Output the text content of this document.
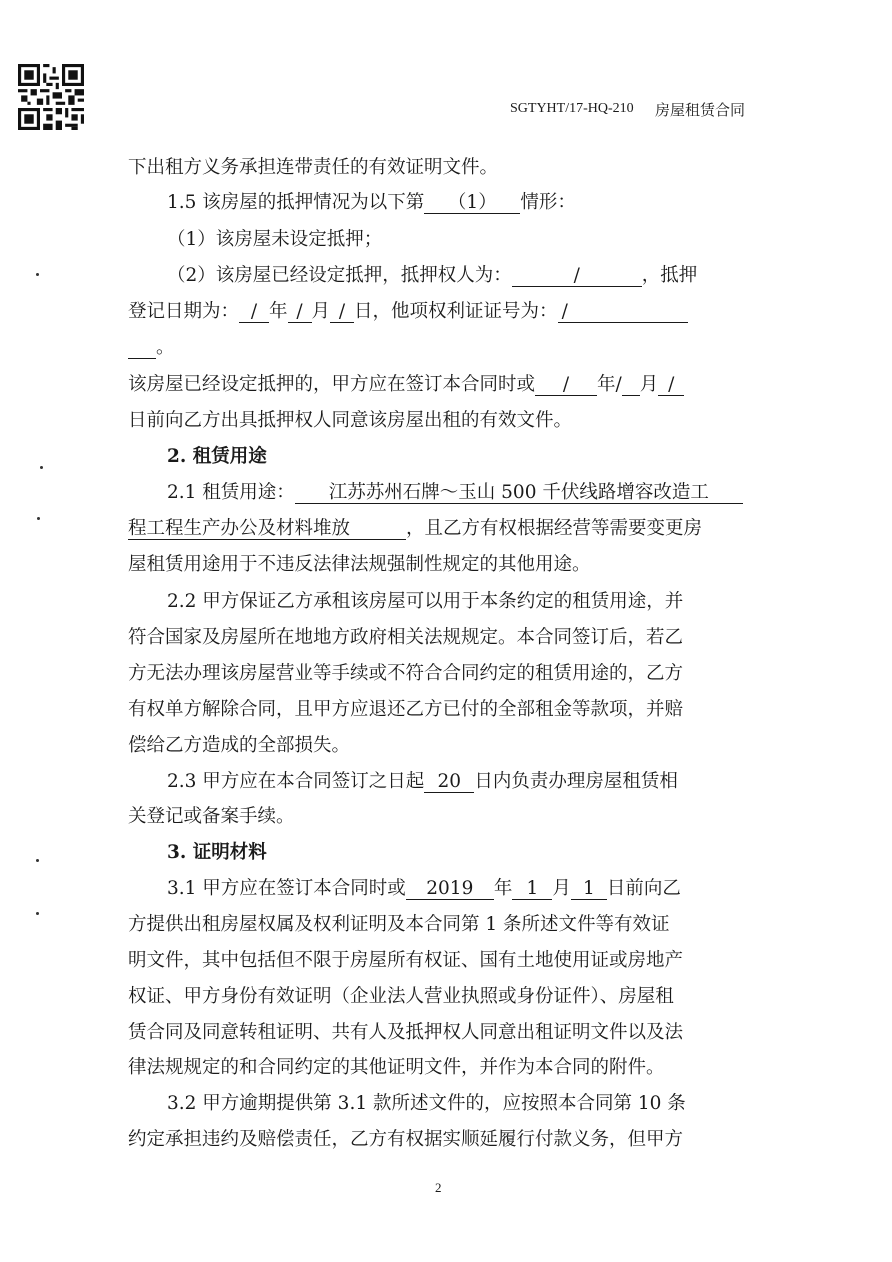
SGTYHT/17-HQ-210 房屋租赁合同
下出租方义务承担连带责任的有效证明文件。
1.5 该房屋的抵押情况为以下第 （1） 情形：
（1）该房屋未设定抵押；
（2）该房屋已经设定抵押，抵押权人为：	/	，抵押
登记日期为： / 年 / 月 / 日，他项权利证证号为： /
。
该房屋已经设定抵押的，甲方应在签订本合同时或 / 年/ 月 /
日前向乙方出具抵押权人同意该房屋出租的有效文件。
2. 租赁用途
2.1 租赁用途： 江苏苏州石牌～玉山 500 千伏线路增容改造工
程工程生产办公及材料堆放	，且乙方有权根据经营等需要变更房
屋租赁用途用于不违反法律法规强制性规定的其他用途。
2.2 甲方保证乙方承租该房屋可以用于本条约定的租赁用途，并
符合国家及房屋所在地地方政府相关法规规定。本合同签订后，若乙
方无法办理该房屋营业等手续或不符合合同约定的租赁用途的，乙方
有权单方解除合同，且甲方应退还乙方已付的全部租金等款项，并赔
偿给乙方造成的全部损失。
2.3 甲方应在本合同签订之日起 20 日内负责办理房屋租赁相
关登记或备案手续。
3. 证明材料
3.1 甲方应在签订本合同时或 2019 年 1 月 1 日前向乙
方提供出租房屋权属及权利证明及本合同第 1 条所述文件等有效证
明文件，其中包括但不限于房屋所有权证、国有土地使用证或房地产
权证、甲方身份有效证明（企业法人营业执照或身份证件）、房屋租
赁合同及同意转租证明、共有人及抵押权人同意出租证明文件以及法
律法规规定的和合同约定的其他证明文件，并作为本合同的附件。
3.2 甲方逾期提供第 3.1 款所述文件的，应按照本合同第 10 条
约定承担违约及赔偿责任，乙方有权据实顺延履行付款义务，但甲方
2
